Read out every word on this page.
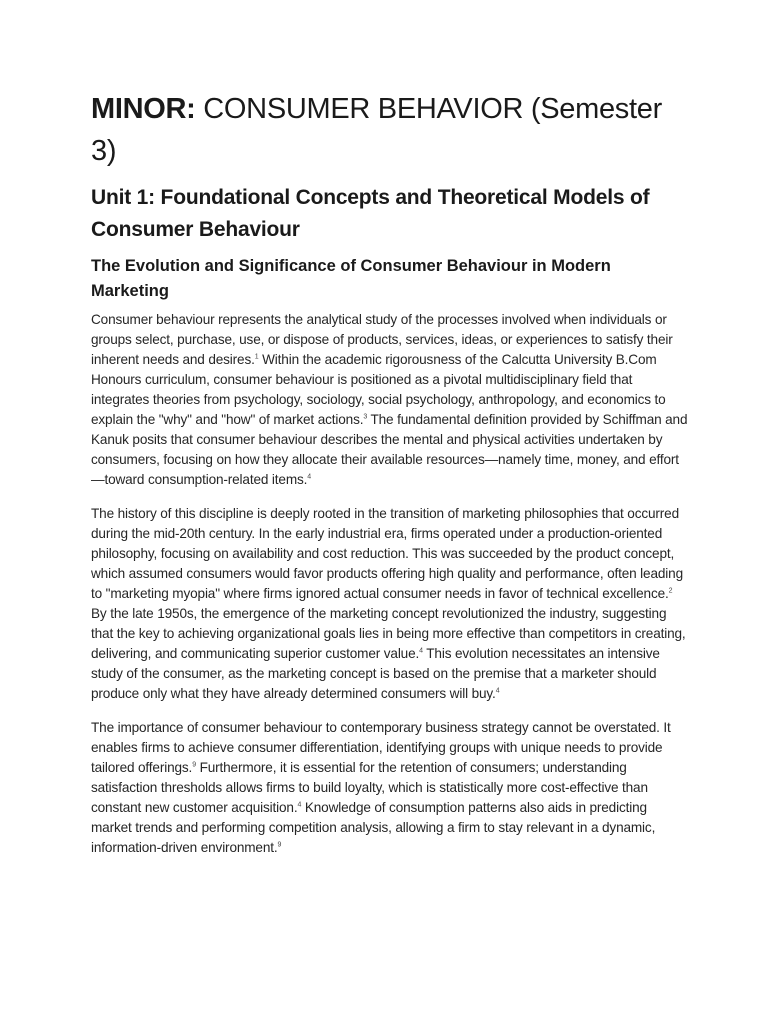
MINOR: CONSUMER BEHAVIOR (Semester 3)
Unit 1: Foundational Concepts and Theoretical Models of Consumer Behaviour
The Evolution and Significance of Consumer Behaviour in Modern Marketing

Consumer behaviour represents the analytical study of the processes involved when individuals or groups select, purchase, use, or dispose of products, services, ideas, or experiences to satisfy their inherent needs and desires.$^1$ Within the academic rigorousness of the Calcutta University B.Com Honours curriculum, consumer behaviour is positioned as a pivotal multidisciplinary field that integrates theories from psychology, sociology, social psychology, anthropology, and economics to explain the "why" and "how" of market actions.$^3$ The fundamental definition provided by Schiffman and Kanuk posits that consumer behaviour describes the mental and physical activities undertaken by consumers, focusing on how they allocate their available resources—namely time, money, and effort—toward consumption-related items.$^4$

The history of this discipline is deeply rooted in the transition of marketing philosophies that occurred during the mid-20th century. In the early industrial era, firms operated under a production-oriented philosophy, focusing on availability and cost reduction. This was succeeded by the product concept, which assumed consumers would favor products offering high quality and performance, often leading to "marketing myopia" where firms ignored actual consumer needs in favor of technical excellence.$^2$ By the late 1950s, the emergence of the marketing concept revolutionized the industry, suggesting that the key to achieving organizational goals lies in being more effective than competitors in creating, delivering, and communicating superior customer value.$^4$ This evolution necessitates an intensive study of the consumer, as the marketing concept is based on the premise that a marketer should produce only what they have already determined consumers will buy.$^4$

The importance of consumer behaviour to contemporary business strategy cannot be overstated. It enables firms to achieve consumer differentiation, identifying groups with unique needs to provide tailored offerings.$^9$ Furthermore, it is essential for the retention of consumers; understanding satisfaction thresholds allows firms to build loyalty, which is statistically more cost-effective than constant new customer acquisition.$^4$ Knowledge of consumption patterns also aids in predicting market trends and performing competition analysis, allowing a firm to stay relevant in a dynamic, information-driven environment.$^9$
